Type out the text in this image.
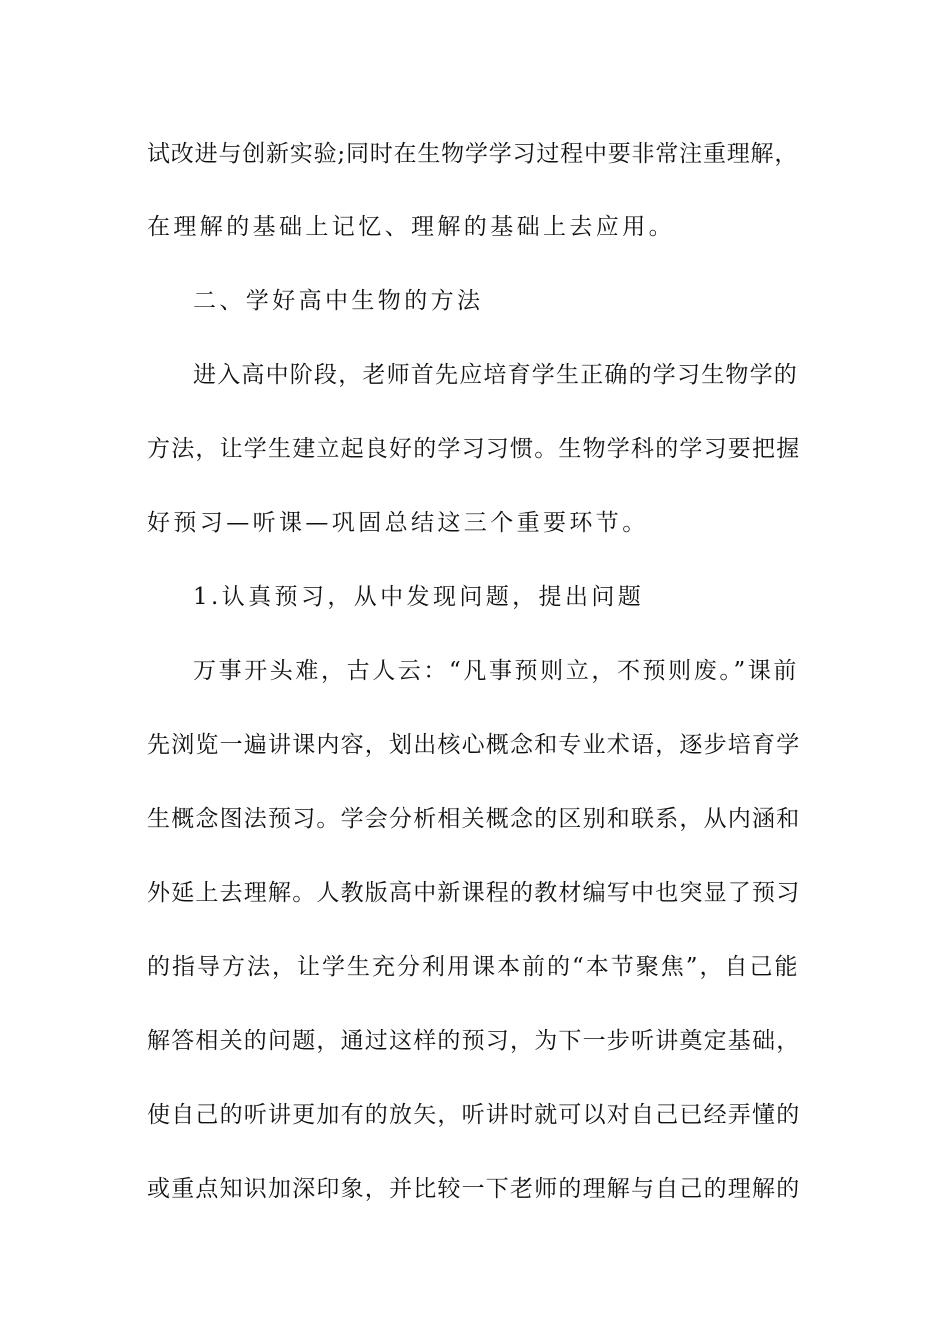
试改进与创新实验;同时在生物学学习过程中要非常注重理解，
在理解的基础上记忆、理解的基础上去应用。
二、学好高中生物的方法
进入高中阶段，老师首先应培育学生正确的学习生物学的
方法，让学生建立起良好的学习习惯。生物学科的学习要把握
好预习—听课—巩固总结这三个重要环节。
1.认真预习，从中发现问题，提出问题
万事开头难，古人云：“凡事预则立，不预则废。”课前
先浏览一遍讲课内容，划出核心概念和专业术语，逐步培育学
生概念图法预习。学会分析相关概念的区别和联系，从内涵和
外延上去理解。人教版高中新课程的教材编写中也突显了预习
的指导方法，让学生充分利用课本前的“本节聚焦”，自己能
解答相关的问题，通过这样的预习，为下一步听讲奠定基础，
使自己的听讲更加有的放矢，听讲时就可以对自己已经弄懂的
或重点知识加深印象，并比较一下老师的理解与自己的理解的
